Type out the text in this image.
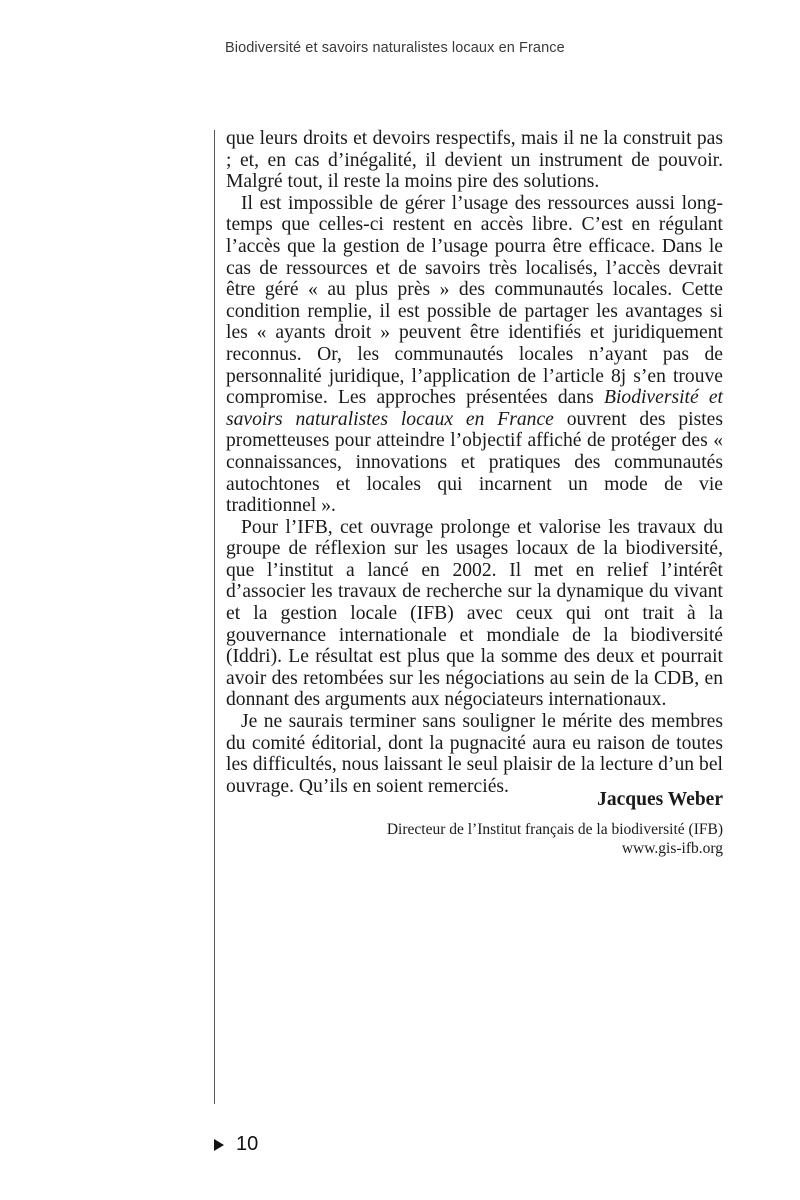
Biodiversité et savoirs naturalistes locaux en France

que leurs droits et devoirs respectifs, mais il ne la construit pas ; et, en cas d’inégalité, il devient un instrument de pouvoir. Malgré tout, il reste la moins pire des solutions.

Il est impossible de gérer l’usage des ressources aussi longtemps que celles-ci restent en accès libre. C’est en régulant l’accès que la gestion de l’usage pourra être efficace. Dans le cas de ressources et de savoirs très localisés, l’accès devrait être géré « au plus près » des communautés locales. Cette condition remplie, il est possible de partager les avantages si les « ayants droit » peuvent être identifiés et juridiquement reconnus. Or, les communautés locales n’ayant pas de personnalité juridique, l’application de l’article 8j s’en trouve compromise. Les approches présentées dans Biodiversité et savoirs naturalistes locaux en France ouvrent des pistes prometteuses pour atteindre l’objectif affiché de protéger des « connaissances, innovations et pratiques des communautés autochtones et locales qui incarnent un mode de vie traditionnel ».

Pour l’IFB, cet ouvrage prolonge et valorise les travaux du groupe de réflexion sur les usages locaux de la biodiversité, que l’institut a lancé en 2002. Il met en relief l’intérêt d’associer les travaux de recherche sur la dynamique du vivant et la gestion locale (IFB) avec ceux qui ont trait à la gouvernance internationale et mondiale de la biodiversité (Iddri). Le résultat est plus que la somme des deux et pourrait avoir des retombées sur les négociations au sein de la CDB, en donnant des arguments aux négociateurs internationaux.

Je ne saurais terminer sans souligner le mérite des membres du comité éditorial, dont la pugnacité aura eu raison de toutes les difficultés, nous laissant le seul plaisir de la lecture d’un bel ouvrage. Qu’ils en soient remerciés.

Jacques Weber
Directeur de l’Institut français de la biodiversité (IFB)
www.gis-ifb.org
10
